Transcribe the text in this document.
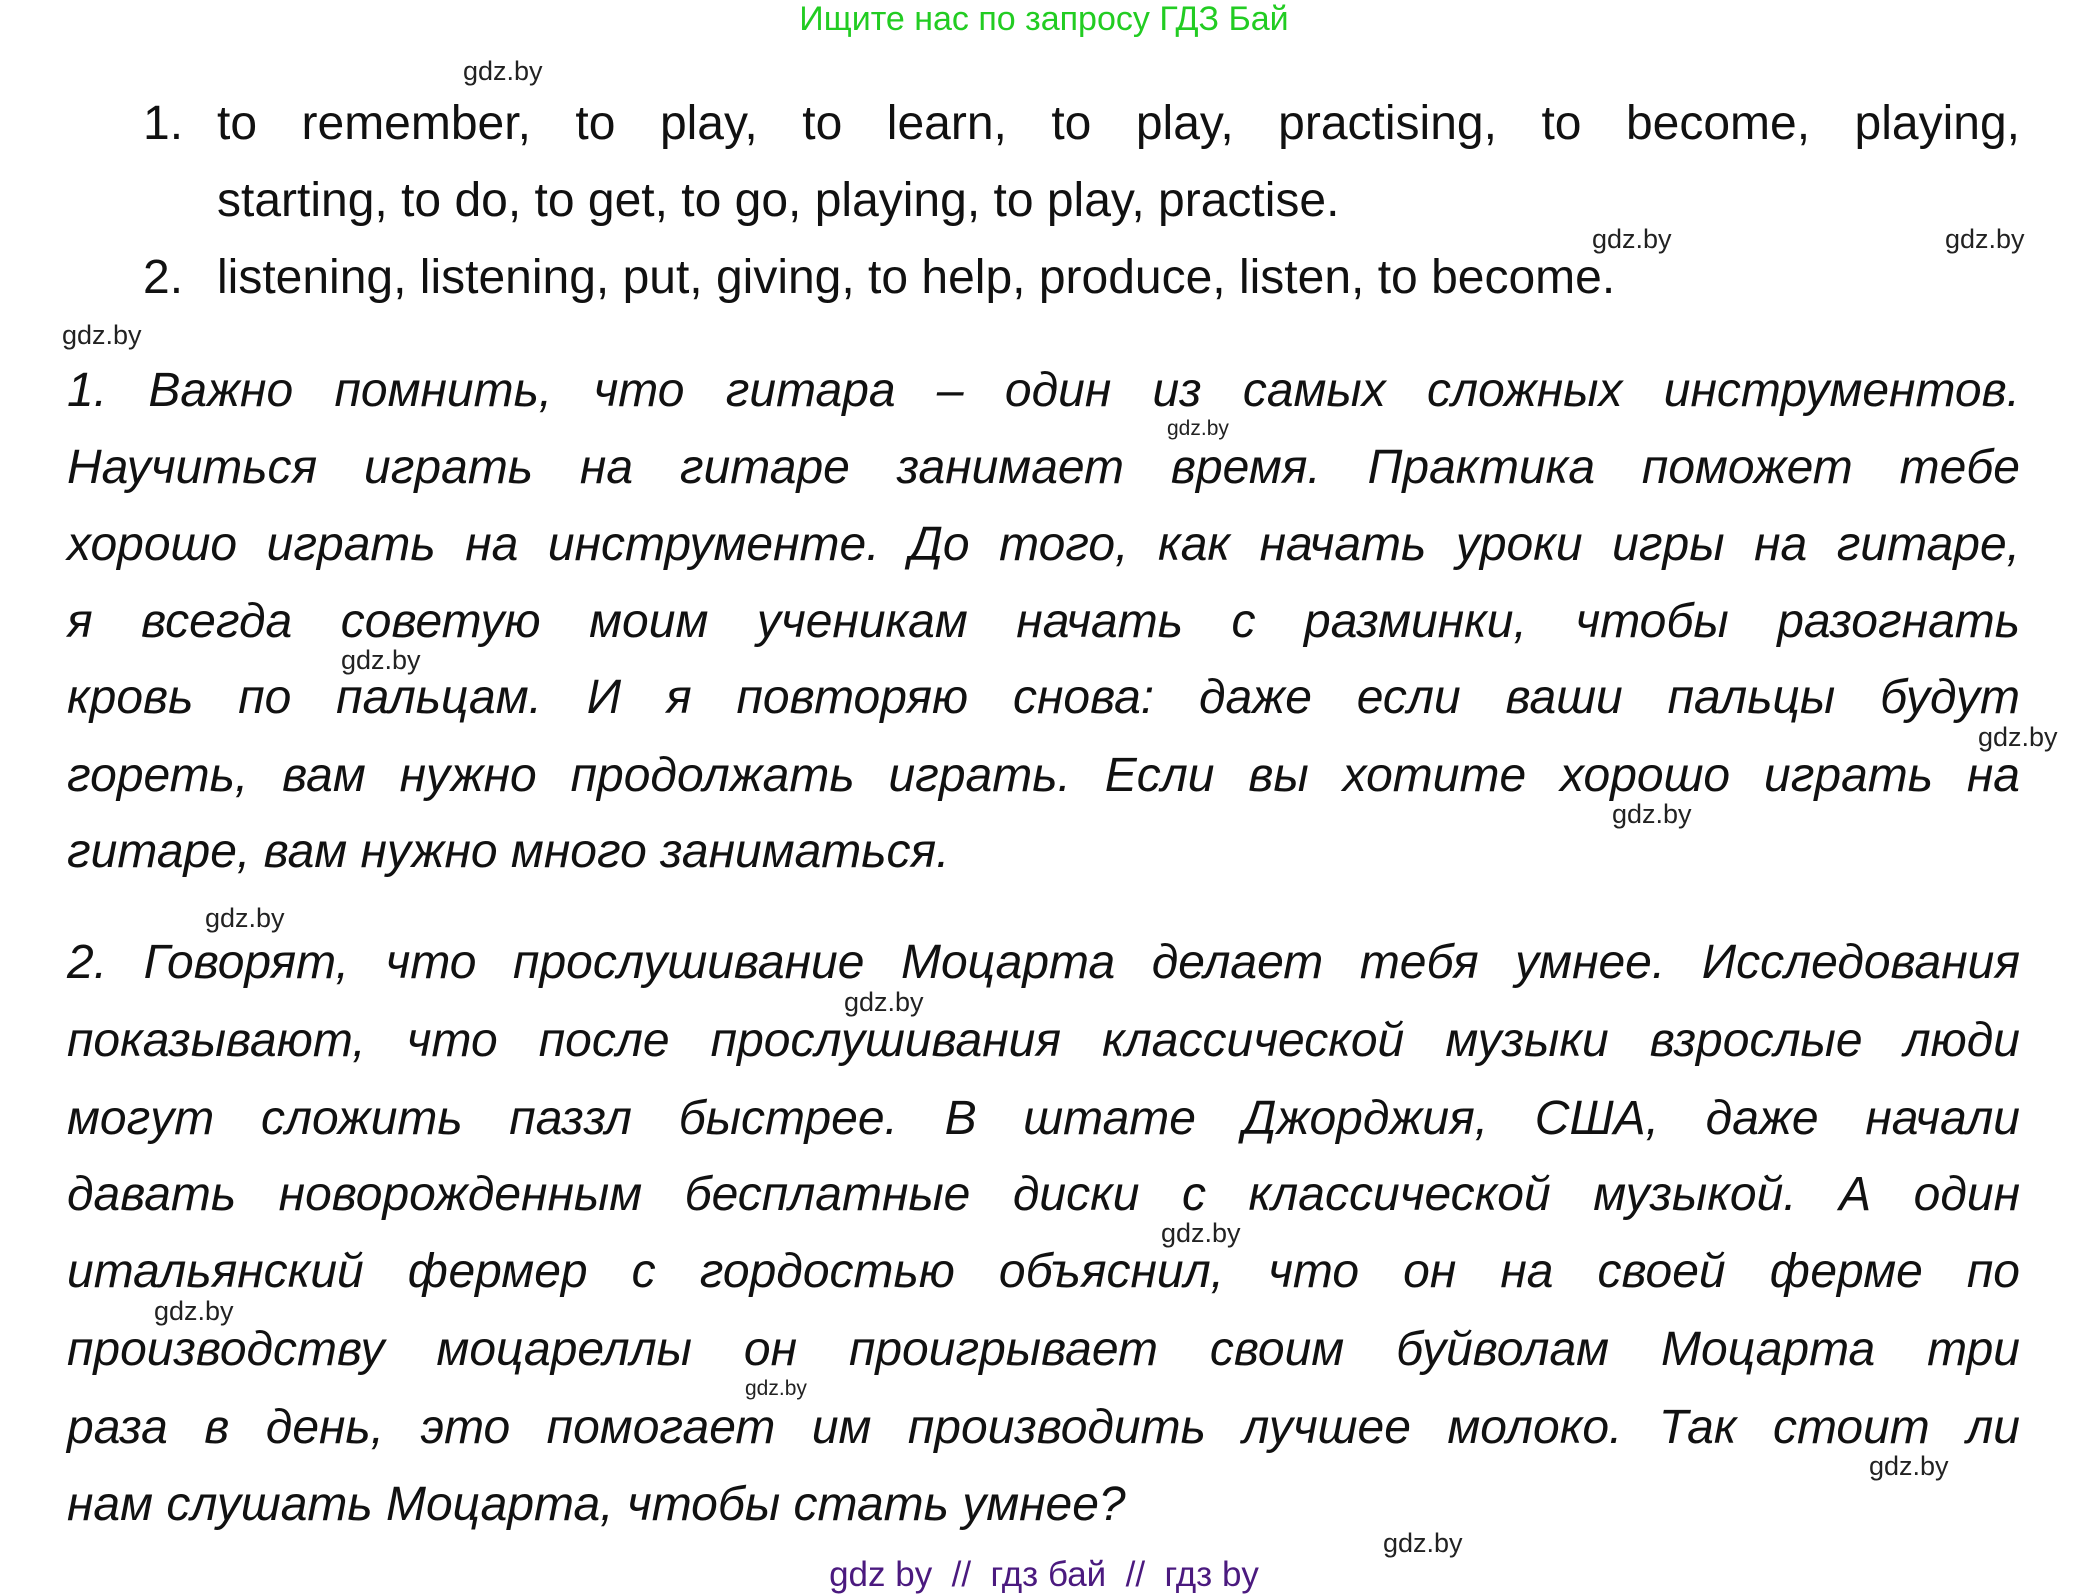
Ищите нас по запросу ГДЗ Бай
1. to remember, to play, to learn, to play, practising, to become, playing,
starting, to do, to get, to go, playing, to play, practise.
2. listening, listening, put, giving, to help, produce, listen, to become.
1. Важно помнить, что гитара – один из самых сложных инструментов.
Научиться играть на гитаре занимает время. Практика поможет тебе
хорошо играть на инструменте. До того, как начать уроки игры на гитаре,
я всегда советую моим ученикам начать с разминки, чтобы разогнать
кровь по пальцам. И я повторяю снова: даже если ваши пальцы будут
гореть, вам нужно продолжать играть. Если вы хотите хорошо играть на
гитаре, вам нужно много заниматься.
2. Говорят, что прослушивание Моцарта делает тебя умнее. Исследования
показывают, что после прослушивания классической музыки взрослые люди
могут сложить паззл быстрее. В штате Джорджия, США, даже начали
давать новорожденным бесплатные диски с классической музыкой. А один
итальянский фермер с гордостью объяснил, что он на своей ферме по
производству моцареллы он проигрывает своим буйволам Моцарта три
раза в день, это помогает им производить лучшее молоко. Так стоит ли
нам слушать Моцарта, чтобы стать умнее?
gdz.by
gdz.by	gdz.by
gdz.by
gdz.by
gdz.by
gdz.by
gdz.by
gdz.by
gdz.by
gdz.by
gdz.by
gdz.by
gdz.by
gdz.by
gdz by  //  гдз бай  //  гдз by
